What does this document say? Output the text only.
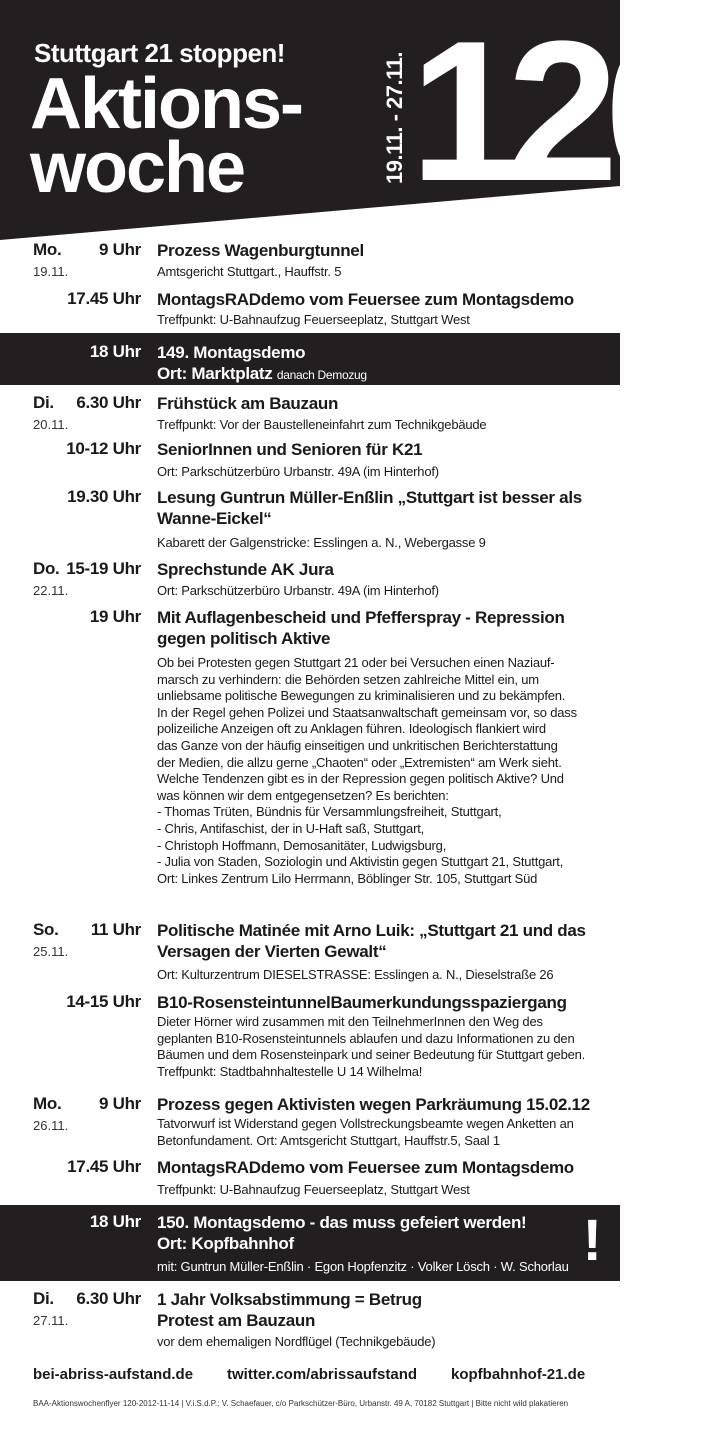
Stuttgart 21 stoppen!
Aktions-
woche	19.11. - 27.11. 120
Mo.
19.11.
9 Uhr Prozess Wagenburgtunnel
Amtsgericht Stuttgart., Hauffstr. 5
17.45 Uhr MontagsRADdemo vom Feuersee zum Montagsdemo
Treffpunkt: U-Bahnaufzug Feuerseeplatz, Stuttgart West
18 Uhr 149. Montagsdemo
Ort: Marktplatz danach Demozug
Di.
20.11.
6.30 Uhr Frühstück am Bauzaun
Treffpunkt: Vor der Baustelleneinfahrt zum Technikgebäude
10-12 Uhr SeniorInnen und Senioren für K21
Ort: Parkschützerbüro Urbanstr. 49A (im Hinterhof)
19.30 Uhr Lesung Guntrun Müller-Enßlin „Stuttgart ist besser als Wanne-Eickel“
Kabarett der Galgenstricke: Esslingen a. N., Webergasse 9
Do.
22.11.
15-19 Uhr Sprechstunde AK Jura
Ort: Parkschützerbüro Urbanstr. 49A (im Hinterhof)
19 Uhr Mit Auflagenbescheid und Pfefferspray - Repression gegen politisch Aktive
Ob bei Protesten gegen Stuttgart 21 oder bei Versuchen einen Naziauf-
marsch zu verhindern: die Behörden setzen zahlreiche Mittel ein, um
unliebsame politische Bewegungen zu kriminalisieren und zu bekämpfen.
In der Regel gehen Polizei und Staatsanwaltschaft gemeinsam vor, so dass
polizeiliche Anzeigen oft zu Anklagen führen. Ideologisch flankiert wird
das Ganze von der häufig einseitigen und unkritischen Berichterstattung
der Medien, die allzu gerne „Chaoten“ oder „Extremisten“ am Werk sieht.
Welche Tendenzen gibt es in der Repression gegen politisch Aktive? Und
was können wir dem entgegensetzen? Es berichten:
- Thomas Trüten, Bündnis für Versammlungsfreiheit, Stuttgart,
- Chris, Antifaschist, der in U-Haft saß, Stuttgart,
- Christoph Hoffmann, Demosanitäter, Ludwigsburg,
- Julia von Staden, Soziologin und Aktivistin gegen Stuttgart 21, Stuttgart,
Ort: Linkes Zentrum Lilo Herrmann, Böblinger Str. 105, Stuttgart Süd
So.
25.11.
11 Uhr Politische Matinée mit Arno Luik: „Stuttgart 21 und das Versagen der Vierten Gewalt“
Ort: Kulturzentrum DIESELSTRASSE: Esslingen a. N., Dieselstraße 26
14-15 Uhr B10-RosensteintunnelBaumerkundungsspaziergang
Dieter Hörner wird zusammen mit den TeilnehmerInnen den Weg des
geplanten B10-Rosensteintunnels ablaufen und dazu Informationen zu den
Bäumen und dem Rosensteinpark und seiner Bedeutung für Stuttgart geben.
Treffpunkt: Stadtbahnhaltestelle U 14 Wilhelma!
Mo.
26.11.
9 Uhr Prozess gegen Aktivisten wegen Parkräumung 15.02.12
Tatvorwurf ist Widerstand gegen Vollstreckungsbeamte wegen Anketten an
Betonfundament. Ort: Amtsgericht Stuttgart, Hauffstr.5, Saal 1
17.45 Uhr MontagsRADdemo vom Feuersee zum Montagsdemo
Treffpunkt: U-Bahnaufzug Feuerseeplatz, Stuttgart West
18 Uhr 150. Montagsdemo - das muss gefeiert werden!
Ort: Kopfbahnhof
mit: Guntrun Müller-Enßlin · Egon Hopfenzitz · Volker Lösch · W. Schorlau !
Di.
27.11.
6.30 Uhr 1 Jahr Volksabstimmung = Betrug
Protest am Bauzaun
vor dem ehemaligen Nordflügel (Technikgebäude)
bei-abriss-aufstand.de twitter.com/abrissaufstand kopfbahnhof-21.de
BAA-Aktionswochenflyer 120-2012-11-14 | V.i.S.d.P.: V. Schaefauer, c/o Parkschützer-Büro, Urbanstr. 49 A, 70182 Stuttgart | Bitte nicht wild plakatieren
